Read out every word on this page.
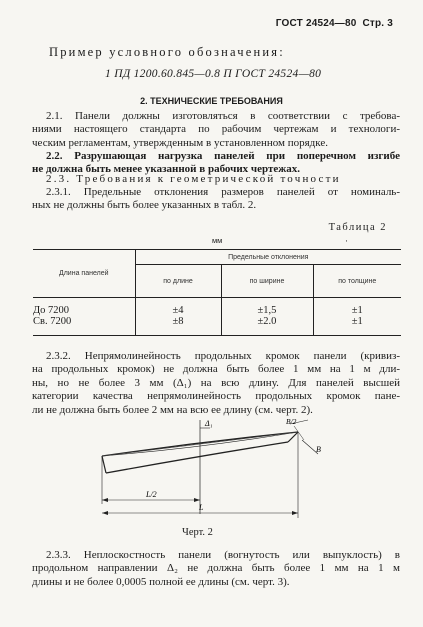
ГОСТ 24524—80 Стр. 3
Пример условного обозначения:
1 ПД 1200.60.845—0.8 П ГОСТ 24524—80
2. ТЕХНИЧЕСКИЕ ТРЕБОВАНИЯ
2.1. Панели должны изготовляться в соответствии с требова-
ниями настоящего стандарта по рабочим чертежам и технологи-
ческим регламентам, утвержденным в установленном порядке.
2.2. Разрушающая нагрузка панелей при поперечном изгибе
не должна быть менее указанной в рабочих чертежах.
2.3. Требования к геометрической точности
2.3.1. Предельные отклонения размеров панелей от номиналь-
ных не должны быть более указанных в табл. 2.
Таблица 2
мм	·
Длина панелей	Предельные отклонения		
	по длине	по ширине	по толщине
До 7200	±4	±1,5	±1
Св. 7200	±8	±2.0	±1
2.3.2. Непрямолинейность продольных кромок панели (кривиз-
на продольных кромок) не должна быть более 1 мм на 1 м дли-
ны, но не более 3 мм (Δ₁) на всю длину. Для панелей высшей
категории качества непрямолинейность продольных кромок пане-
ли не должна быть более 2 мм на всю ее длину (см. черт. 2).
Δ₁
L/2
L
В/2
В
Черт. 2
2.3.3. Неплоскостность панели (вогнутость или выпуклость) в
продольном направлении Δ₂ не должна быть более 1 мм на 1 м
длины и не более 0,0005 полной ее длины (см. черт. 3).
